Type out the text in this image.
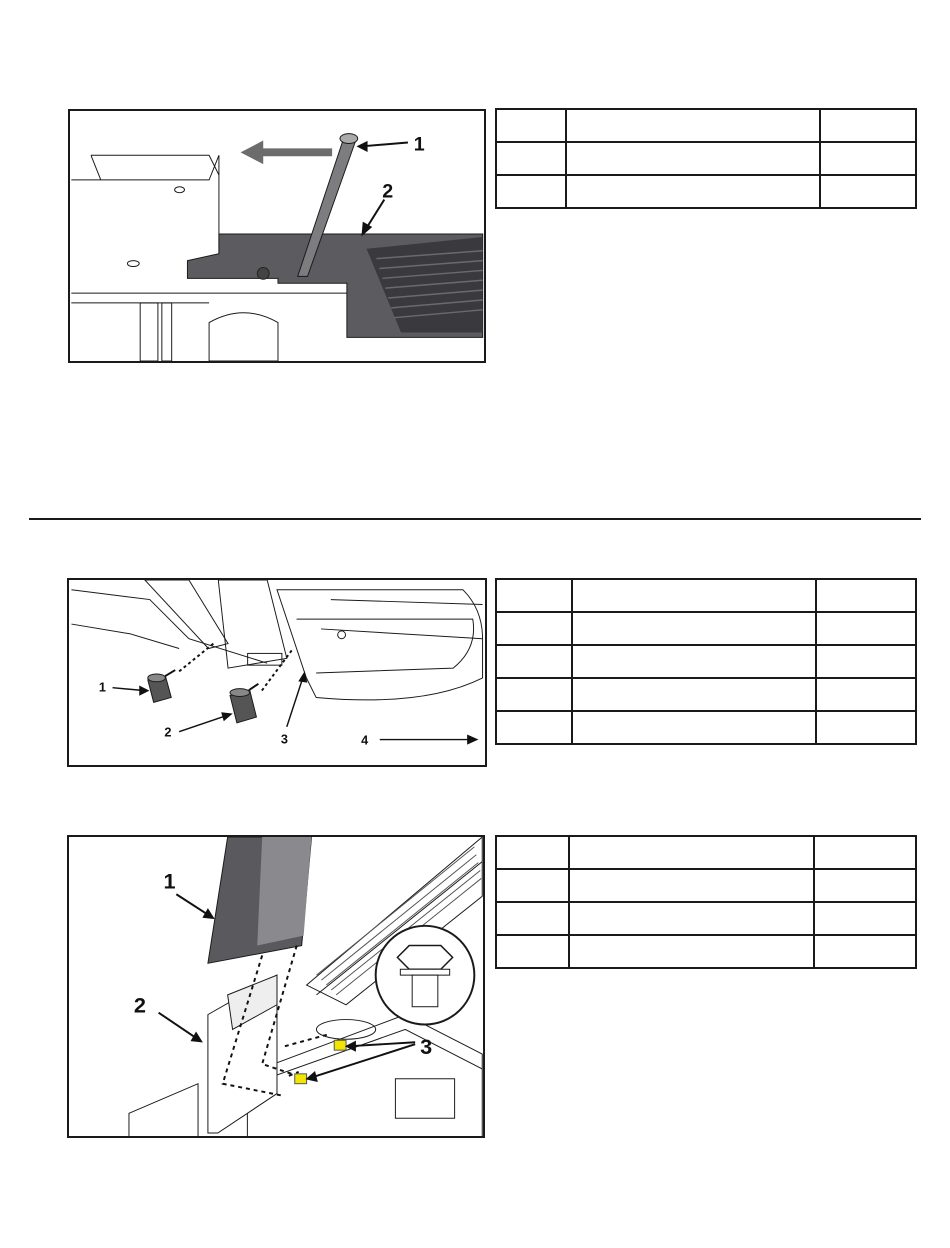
1
2

1
2	3	4

1
2
3
